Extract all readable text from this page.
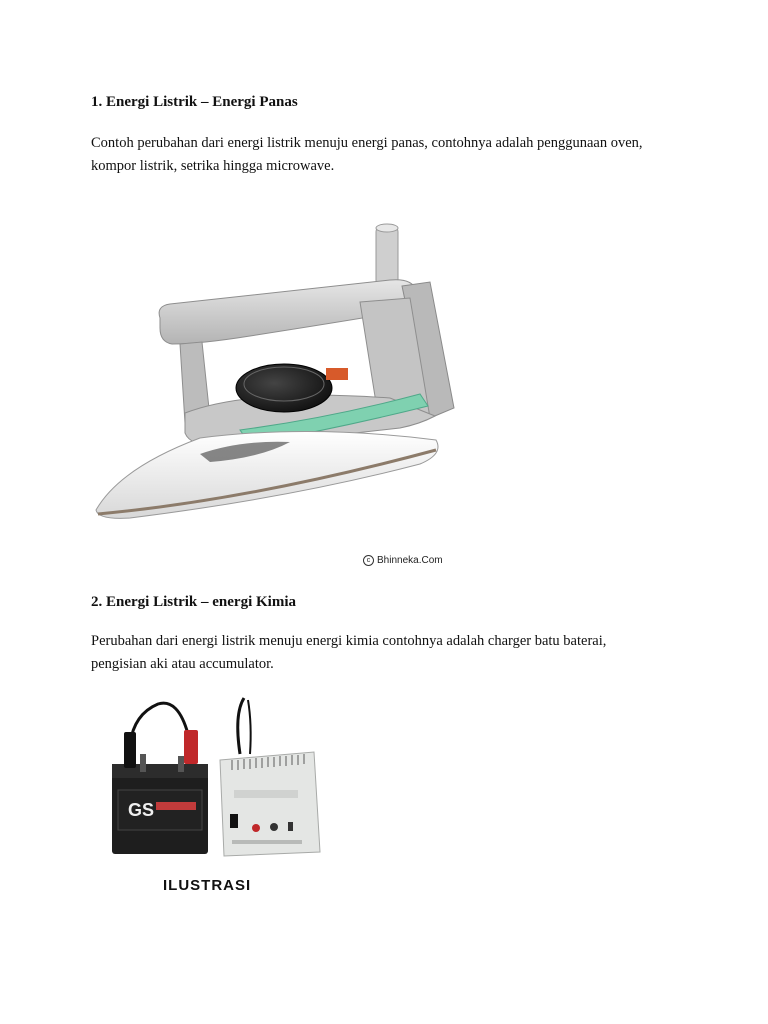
1. Energi Listrik – Energi Panas

Contoh perubahan dari energi listrik menuju energi panas, contohnya adalah penggunaan oven,
kompor listrik, setrika hingga microwave.

c Bhinneka.Com
2. Energi Listrik – energi Kimia

Perubahan dari energi listrik menuju energi kimia contohnya adalah charger batu baterai,
pengisian aki atau accumulator.

GS
ILUSTRASI
